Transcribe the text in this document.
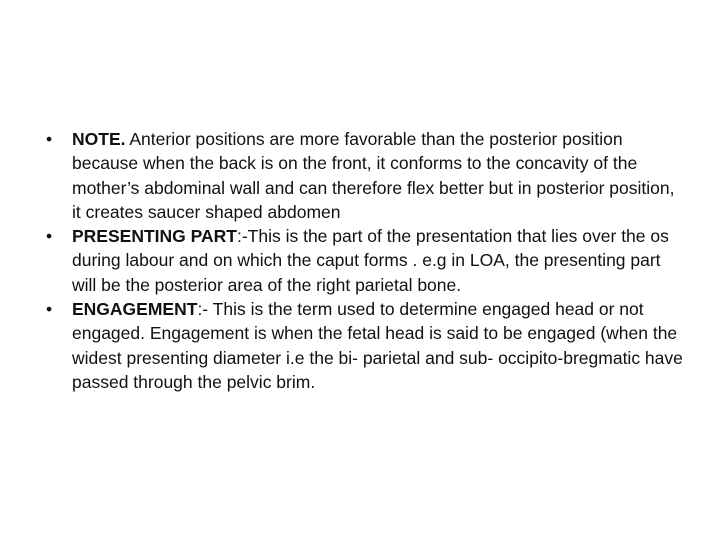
•	NOTE. Anterior positions are more favorable than the posterior position because when the back is on the front, it conforms to the concavity of the mother’s abdominal wall and can therefore flex better but in posterior position, it creates saucer shaped abdomen
•	PRESENTING PART:-This is the part of the presentation that lies over the os during labour and on which the caput forms . e.g in LOA, the presenting part will be the posterior area of the right parietal bone.
•	ENGAGEMENT:- This is the term used to determine engaged head or not engaged. Engagement is when the fetal head is said to be engaged (when the widest presenting diameter i.e the bi- parietal and sub- occipito-bregmatic have passed through the pelvic brim.
